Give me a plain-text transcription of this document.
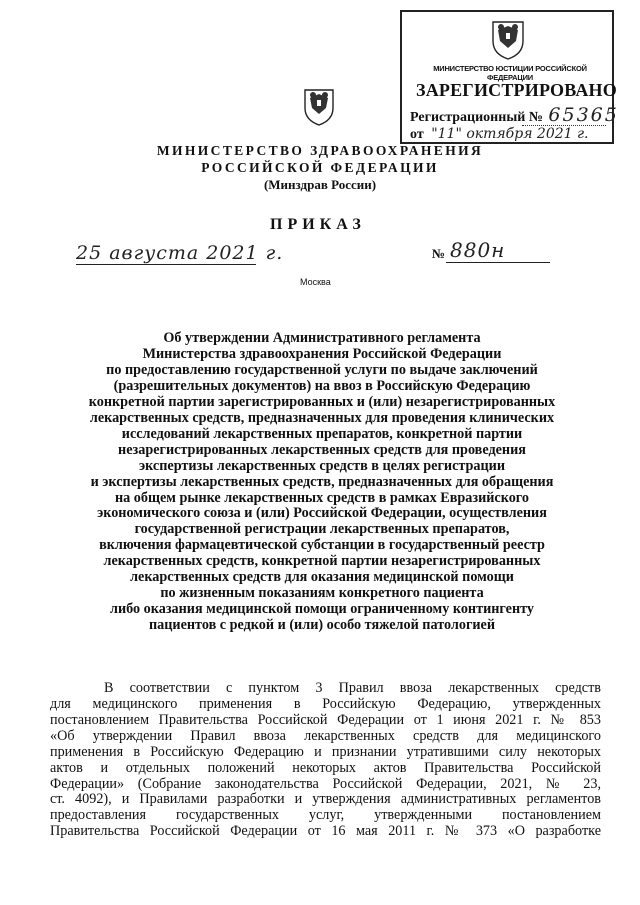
МИНИСТЕРСТВО ЮСТИЦИИ РОССИЙСКОЙ ФЕДЕРАЦИИ
ЗАРЕГИСТРИРОВАНО
Регистрационный № 65365
от "11" октября 2021 г.
МИНИСТЕРСТВО ЗДРАВООХРАНЕНИЯ
РОССИЙСКОЙ ФЕДЕРАЦИИ
(Минздрав России)
ПРИКАЗ
25 августа 2021 г.	№ 880н
Москва
Об утверждении Административного регламента
Министерства здравоохранения Российской Федерации
по предоставлению государственной услуги по выдаче заключений
(разрешительных документов) на ввоз в Российскую Федерацию
конкретной партии зарегистрированных и (или) незарегистрированных
лекарственных средств, предназначенных для проведения клинических
исследований лекарственных препаратов, конкретной партии
незарегистрированных лекарственных средств для проведения
экспертизы лекарственных средств в целях регистрации
и экспертизы лекарственных средств, предназначенных для обращения
на общем рынке лекарственных средств в рамках Евразийского
экономического союза и (или) Российской Федерации, осуществления
государственной регистрации лекарственных препаратов,
включения фармацевтической субстанции в государственный реестр
лекарственных средств, конкретной партии незарегистрированных
лекарственных средств для оказания медицинской помощи
по жизненным показаниям конкретного пациента
либо оказания медицинской помощи ограниченному контингенту
пациентов с редкой и (или) особо тяжелой патологией
В соответствии с пунктом 3 Правил ввоза лекарственных средств
для медицинского применения в Российскую Федерацию, утвержденных
постановлением Правительства Российской Федерации от 1 июня 2021 г. № 853
«Об утверждении Правил ввоза лекарственных средств для медицинского
применения в Российскую Федерацию и признании утратившими силу некоторых
актов и отдельных положений некоторых актов Правительства Российской
Федерации» (Собрание законодательства Российской Федерации, 2021, № 23,
ст. 4092), и Правилами разработки и утверждения административных регламентов
предоставления государственных услуг, утвержденными постановлением
Правительства Российской Федерации от 16 мая 2011 г. № 373 «О разработке
